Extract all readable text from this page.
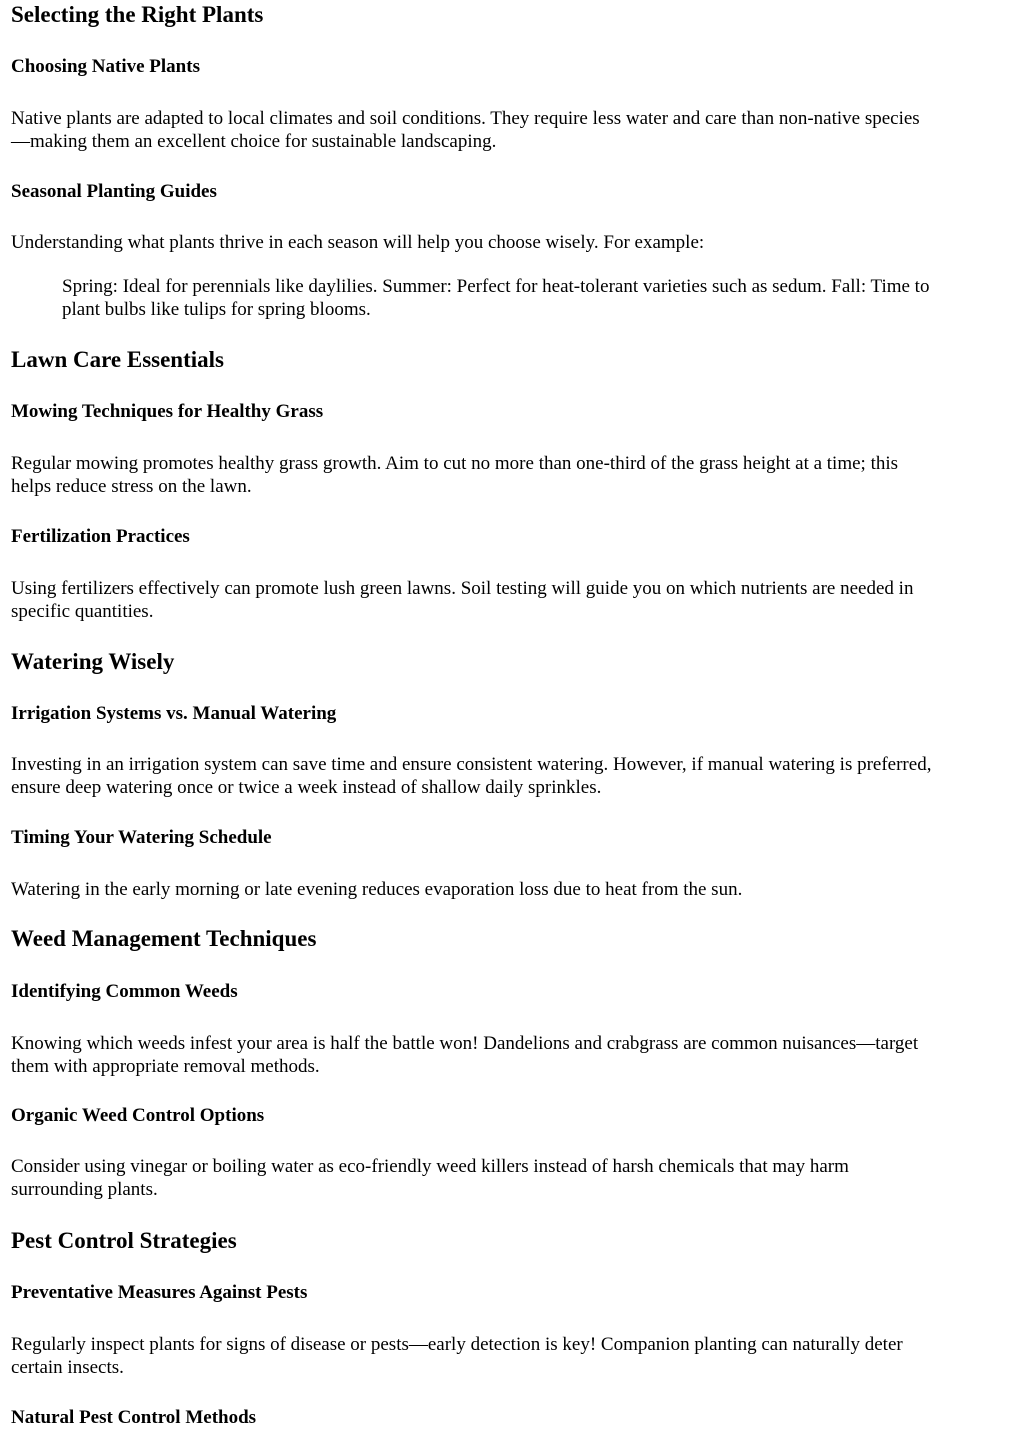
Selecting the Right Plants
Choosing Native Plants
Native plants are adapted to local climates and soil conditions. They require less water and care than non-native species
—making them an excellent choice for sustainable landscaping.
Seasonal Planting Guides
Understanding what plants thrive in each season will help you choose wisely. For example:
Spring: Ideal for perennials like daylilies. Summer: Perfect for heat-tolerant varieties such as sedum. Fall: Time to
plant bulbs like tulips for spring blooms.
Lawn Care Essentials
Mowing Techniques for Healthy Grass
Regular mowing promotes healthy grass growth. Aim to cut no more than one-third of the grass height at a time; this
helps reduce stress on the lawn.
Fertilization Practices
Using fertilizers effectively can promote lush green lawns. Soil testing will guide you on which nutrients are needed in
specific quantities.
Watering Wisely
Irrigation Systems vs. Manual Watering
Investing in an irrigation system can save time and ensure consistent watering. However, if manual watering is preferred,
ensure deep watering once or twice a week instead of shallow daily sprinkles.
Timing Your Watering Schedule
Watering in the early morning or late evening reduces evaporation loss due to heat from the sun.
Weed Management Techniques
Identifying Common Weeds
Knowing which weeds infest your area is half the battle won! Dandelions and crabgrass are common nuisances—target
them with appropriate removal methods.
Organic Weed Control Options
Consider using vinegar or boiling water as eco-friendly weed killers instead of harsh chemicals that may harm
surrounding plants.
Pest Control Strategies
Preventative Measures Against Pests
Regularly inspect plants for signs of disease or pests—early detection is key! Companion planting can naturally deter
certain insects.
Natural Pest Control Methods
